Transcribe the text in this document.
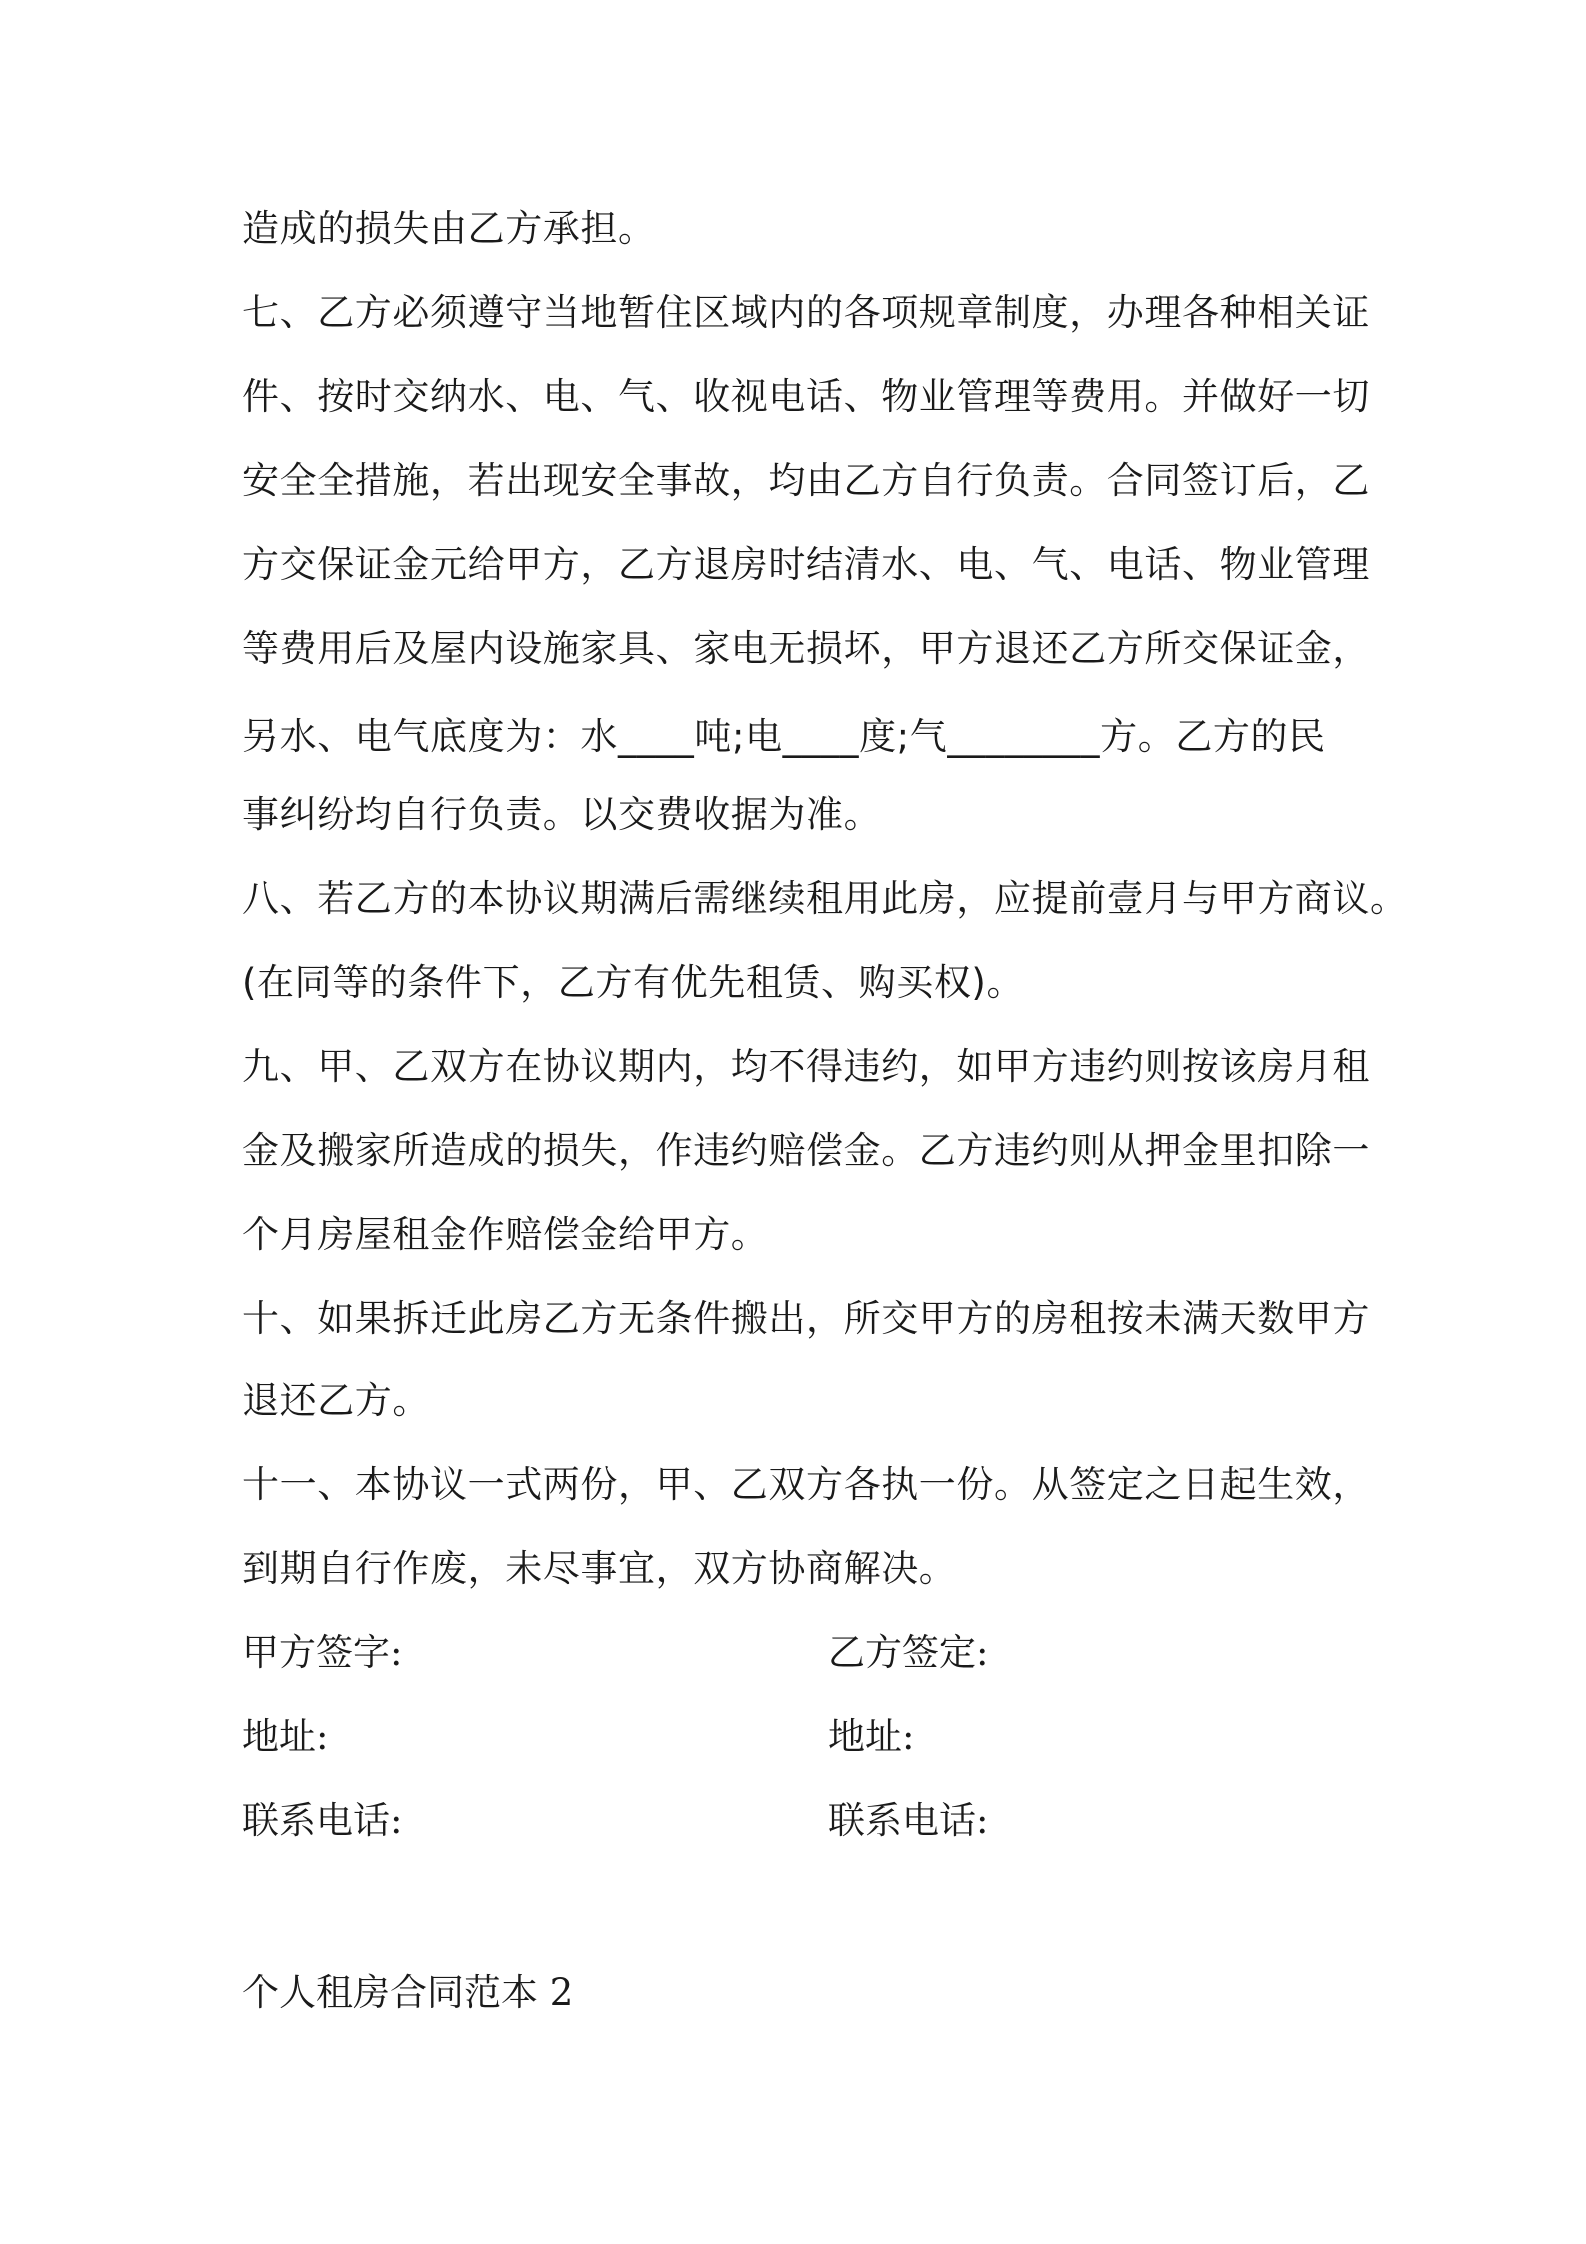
造成的损失由乙方承担。
七、乙方必须遵守当地暂住区域内的各项规章制度，办理各种相关证
件、按时交纳水、电、气、收视电话、物业管理等费用。并做好一切
安全全措施，若出现安全事故，均由乙方自行负责。合同签订后，乙
方交保证金元给甲方，乙方退房时结清水、电、气、电话、物业管理
等费用后及屋内设施家具、家电无损坏，甲方退还乙方所交保证金，
另水、电气底度为：水____吨;电____度;气________方。乙方的民
事纠纷均自行负责。以交费收据为准。
八、若乙方的本协议期满后需继续租用此房，应提前壹月与甲方商议。
(在同等的条件下，乙方有优先租赁、购买权)。
九、甲、乙双方在协议期内，均不得违约，如甲方违约则按该房月租
金及搬家所造成的损失，作违约赔偿金。乙方违约则从押金里扣除一
个月房屋租金作赔偿金给甲方。
十、如果拆迁此房乙方无条件搬出，所交甲方的房租按未满天数甲方
退还乙方。
十一、本协议一式两份，甲、乙双方各执一份。从签定之日起生效，
到期自行作废，未尽事宜，双方协商解决。
甲方签字:	乙方签定:
地址:	地址:
联系电话:	联系电话:
个人租房合同范本 2
